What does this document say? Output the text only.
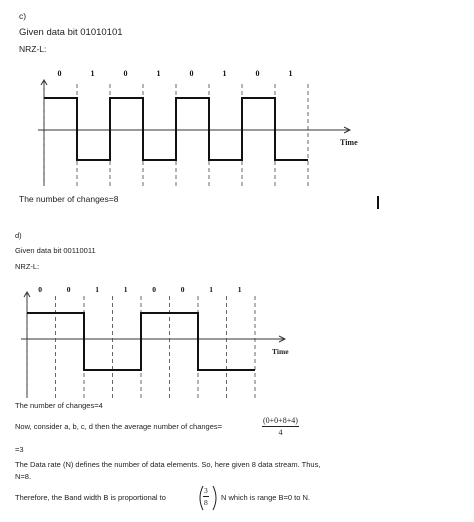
c)
Given data bit 01010101
NRZ-L:
0	1	0	1	0	1	0	1
Time
The number of changes=8
d)
Given data bit 00110011
NRZ-L:
0	0	1	1	0	0	1	1
Time
The number of changes=4
Now, consider a, b, c, d then the average number of changes=	$\frac{(0+0+8+4)}{4}$
=3
The Data rate (N) defines the number of data elements. So, here given 8 data stream. Thus,
N=8.
Therefore, the Band width B is proportional to	$\frac{3}{8}$ N which is range B=0 to N.
